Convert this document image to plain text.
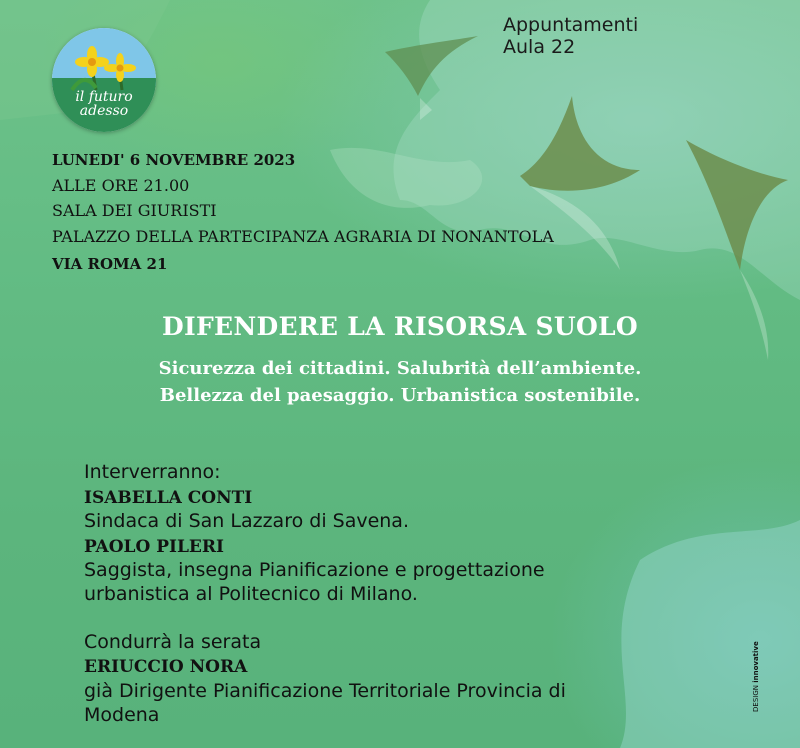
il futuro
adesso
Appuntamenti Aula 22
LUNEDI' 6 NOVEMBRE 2023
ALLE ORE 21.00
SALA DEI GIURISTI
PALAZZO DELLA PARTECIPANZA AGRARIA DI NONANTOLA
VIA ROMA 21
DIFENDERE LA RISORSA SUOLO
Sicurezza dei cittadini. Salubrità dell’ambiente.
Bellezza del paesaggio. Urbanistica sostenibile.
Interverranno:
ISABELLA CONTI
Sindaca di San Lazzaro di Savena.
PAOLO PILERI
Saggista, insegna Pianificazione e progettazione
urbanistica al Politecnico di Milano.
Condurrà la serata
ERIUCCIO NORA
già Dirigente Pianificazione Territoriale Provincia di
Modena
DESIGN innovative
